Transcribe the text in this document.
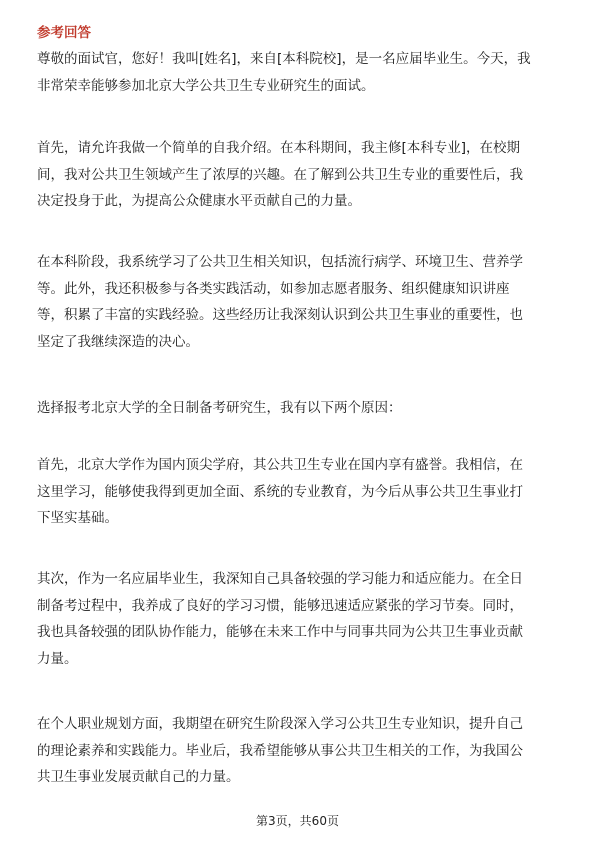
参考回答

尊敬的面试官，您好！我叫[姓名]，来自[本科院校]，是一名应届毕业生。今天，我
非常荣幸能够参加北京大学公共卫生专业研究生的面试。

首先，请允许我做一个简单的自我介绍。在本科期间，我主修[本科专业]，在校期
间，我对公共卫生领域产生了浓厚的兴趣。在了解到公共卫生专业的重要性后，我
决定投身于此，为提高公众健康水平贡献自己的力量。

在本科阶段，我系统学习了公共卫生相关知识，包括流行病学、环境卫生、营养学
等。此外，我还积极参与各类实践活动，如参加志愿者服务、组织健康知识讲座
等，积累了丰富的实践经验。这些经历让我深刻认识到公共卫生事业的重要性，也
坚定了我继续深造的决心。

选择报考北京大学的全日制备考研究生，我有以下两个原因：

首先，北京大学作为国内顶尖学府，其公共卫生专业在国内享有盛誉。我相信，在
这里学习，能够使我得到更加全面、系统的专业教育，为今后从事公共卫生事业打
下坚实基础。

其次，作为一名应届毕业生，我深知自己具备较强的学习能力和适应能力。在全日
制备考过程中，我养成了良好的学习习惯，能够迅速适应紧张的学习节奏。同时，
我也具备较强的团队协作能力，能够在未来工作中与同事共同为公共卫生事业贡献
力量。

在个人职业规划方面，我期望在研究生阶段深入学习公共卫生专业知识，提升自己
的理论素养和实践能力。毕业后，我希望能够从事公共卫生相关的工作，为我国公
共卫生事业发展贡献自己的力量。

第3页，共60页
